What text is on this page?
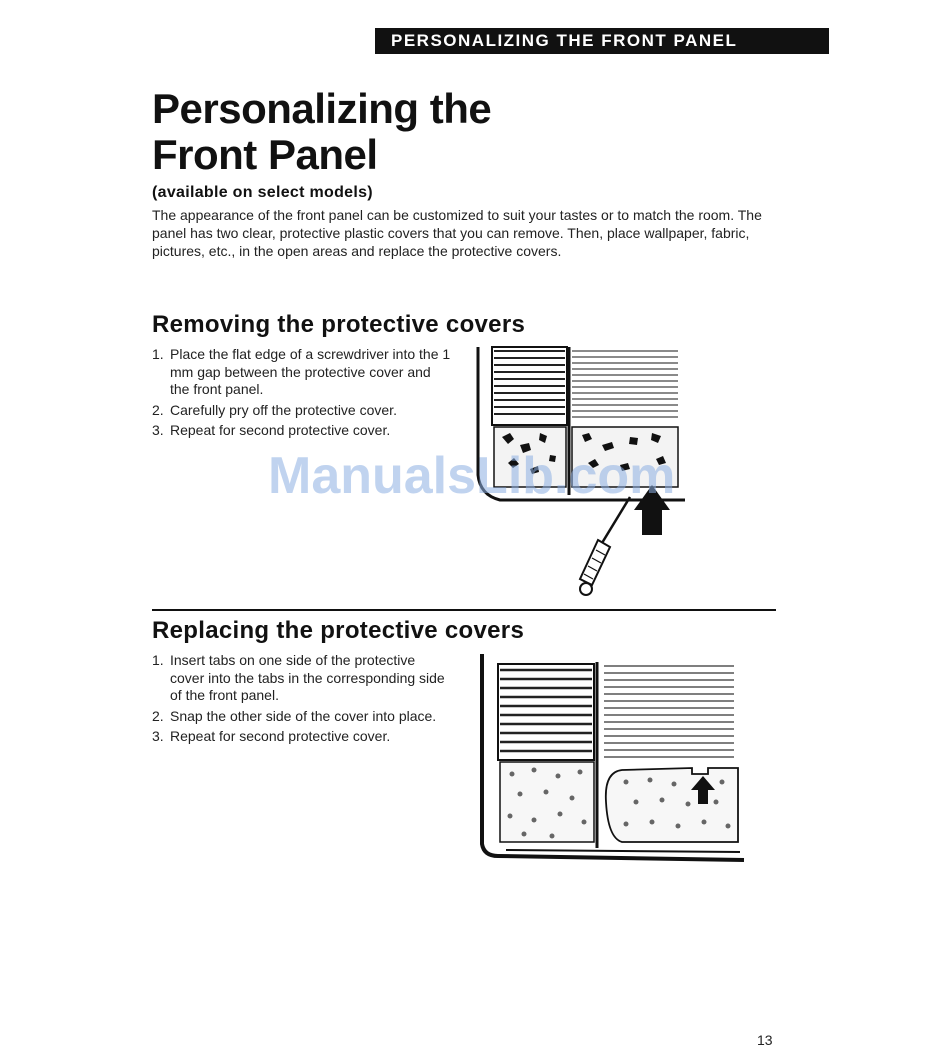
PERSONALIZING THE FRONT PANEL
Personalizing the
Front Panel

(available on select models)

The appearance of the front panel can be customized to suit your tastes or to match the room. The panel has two clear, protective plastic covers that you can remove. Then, place wallpaper, fabric, pictures, etc., in the open areas and replace the protective covers.

Removing the protective covers
1. Place the flat edge of a screwdriver into the 1 mm gap between the protective cover and the front panel.
2. Carefully pry off the protective cover.
3. Repeat for second protective cover.
ManualsLib.com
Replacing the protective covers
1. Insert tabs on one side of the protective cover into the tabs in the corresponding side of the front panel.
2. Snap the other side of the cover into place.
3. Repeat for second protective cover.
13
